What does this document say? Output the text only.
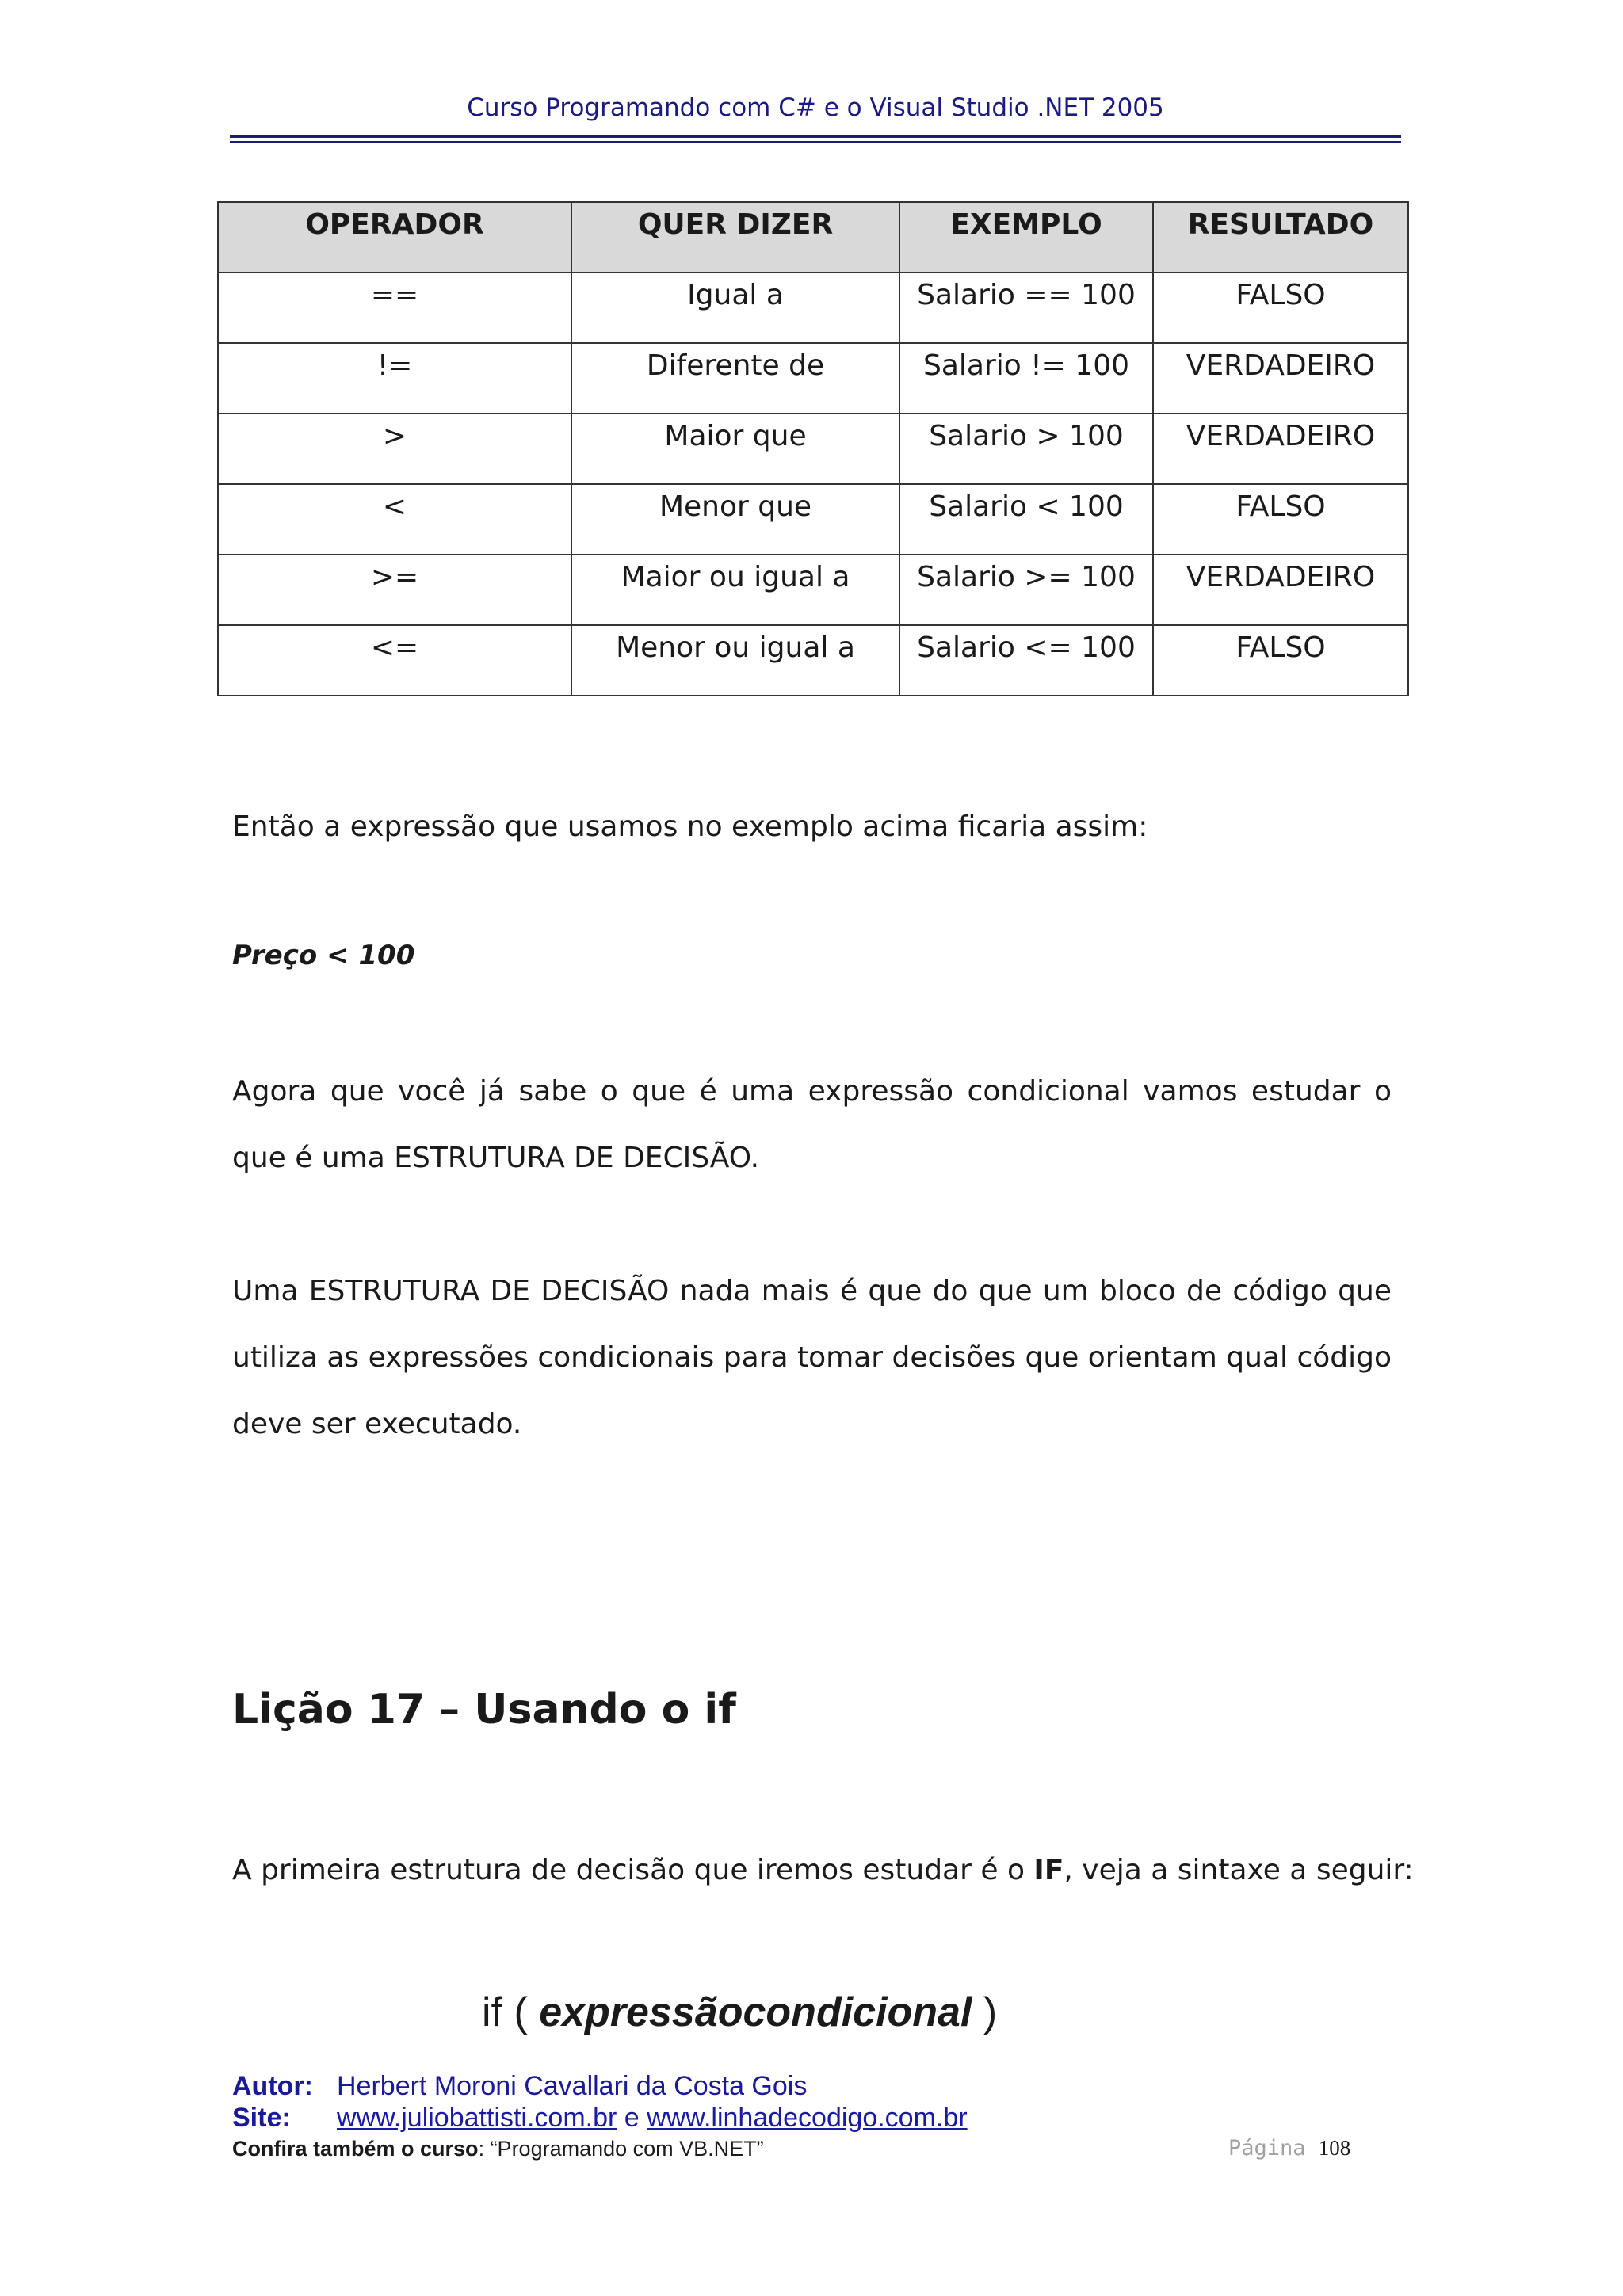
Curso Programando com C# e o Visual Studio .NET 2005
OPERADOR	QUER DIZER	EXEMPLO	RESULTADO
==	Igual a	Salario == 100	FALSO
!=	Diferente de	Salario != 100	VERDADEIRO
>	Maior que	Salario > 100	VERDADEIRO
<	Menor que	Salario < 100	FALSO
>=	Maior ou igual a	Salario >= 100	VERDADEIRO
<=	Menor ou igual a	Salario <= 100	FALSO
Então a expressão que usamos no exemplo acima ficaria assim:
Preço < 100
Agora que você já sabe o que é uma expressão condicional vamos estudar o que é uma ESTRUTURA DE DECISÃO.
Uma ESTRUTURA DE DECISÃO nada mais é que do que um bloco de código que utiliza as expressões condicionais para tomar decisões que orientam qual código deve ser executado.
Lição 17 – Usando o if
A primeira estrutura de decisão que iremos estudar é o IF, veja a sintaxe a seguir:
if ( expressãocondicional )
Autor: Herbert Moroni Cavallari da Costa Gois
Site: www.juliobattisti.com.br e www.linhadecodigo.com.br
Confira também o curso: “Programando com VB.NET”	Página 108
